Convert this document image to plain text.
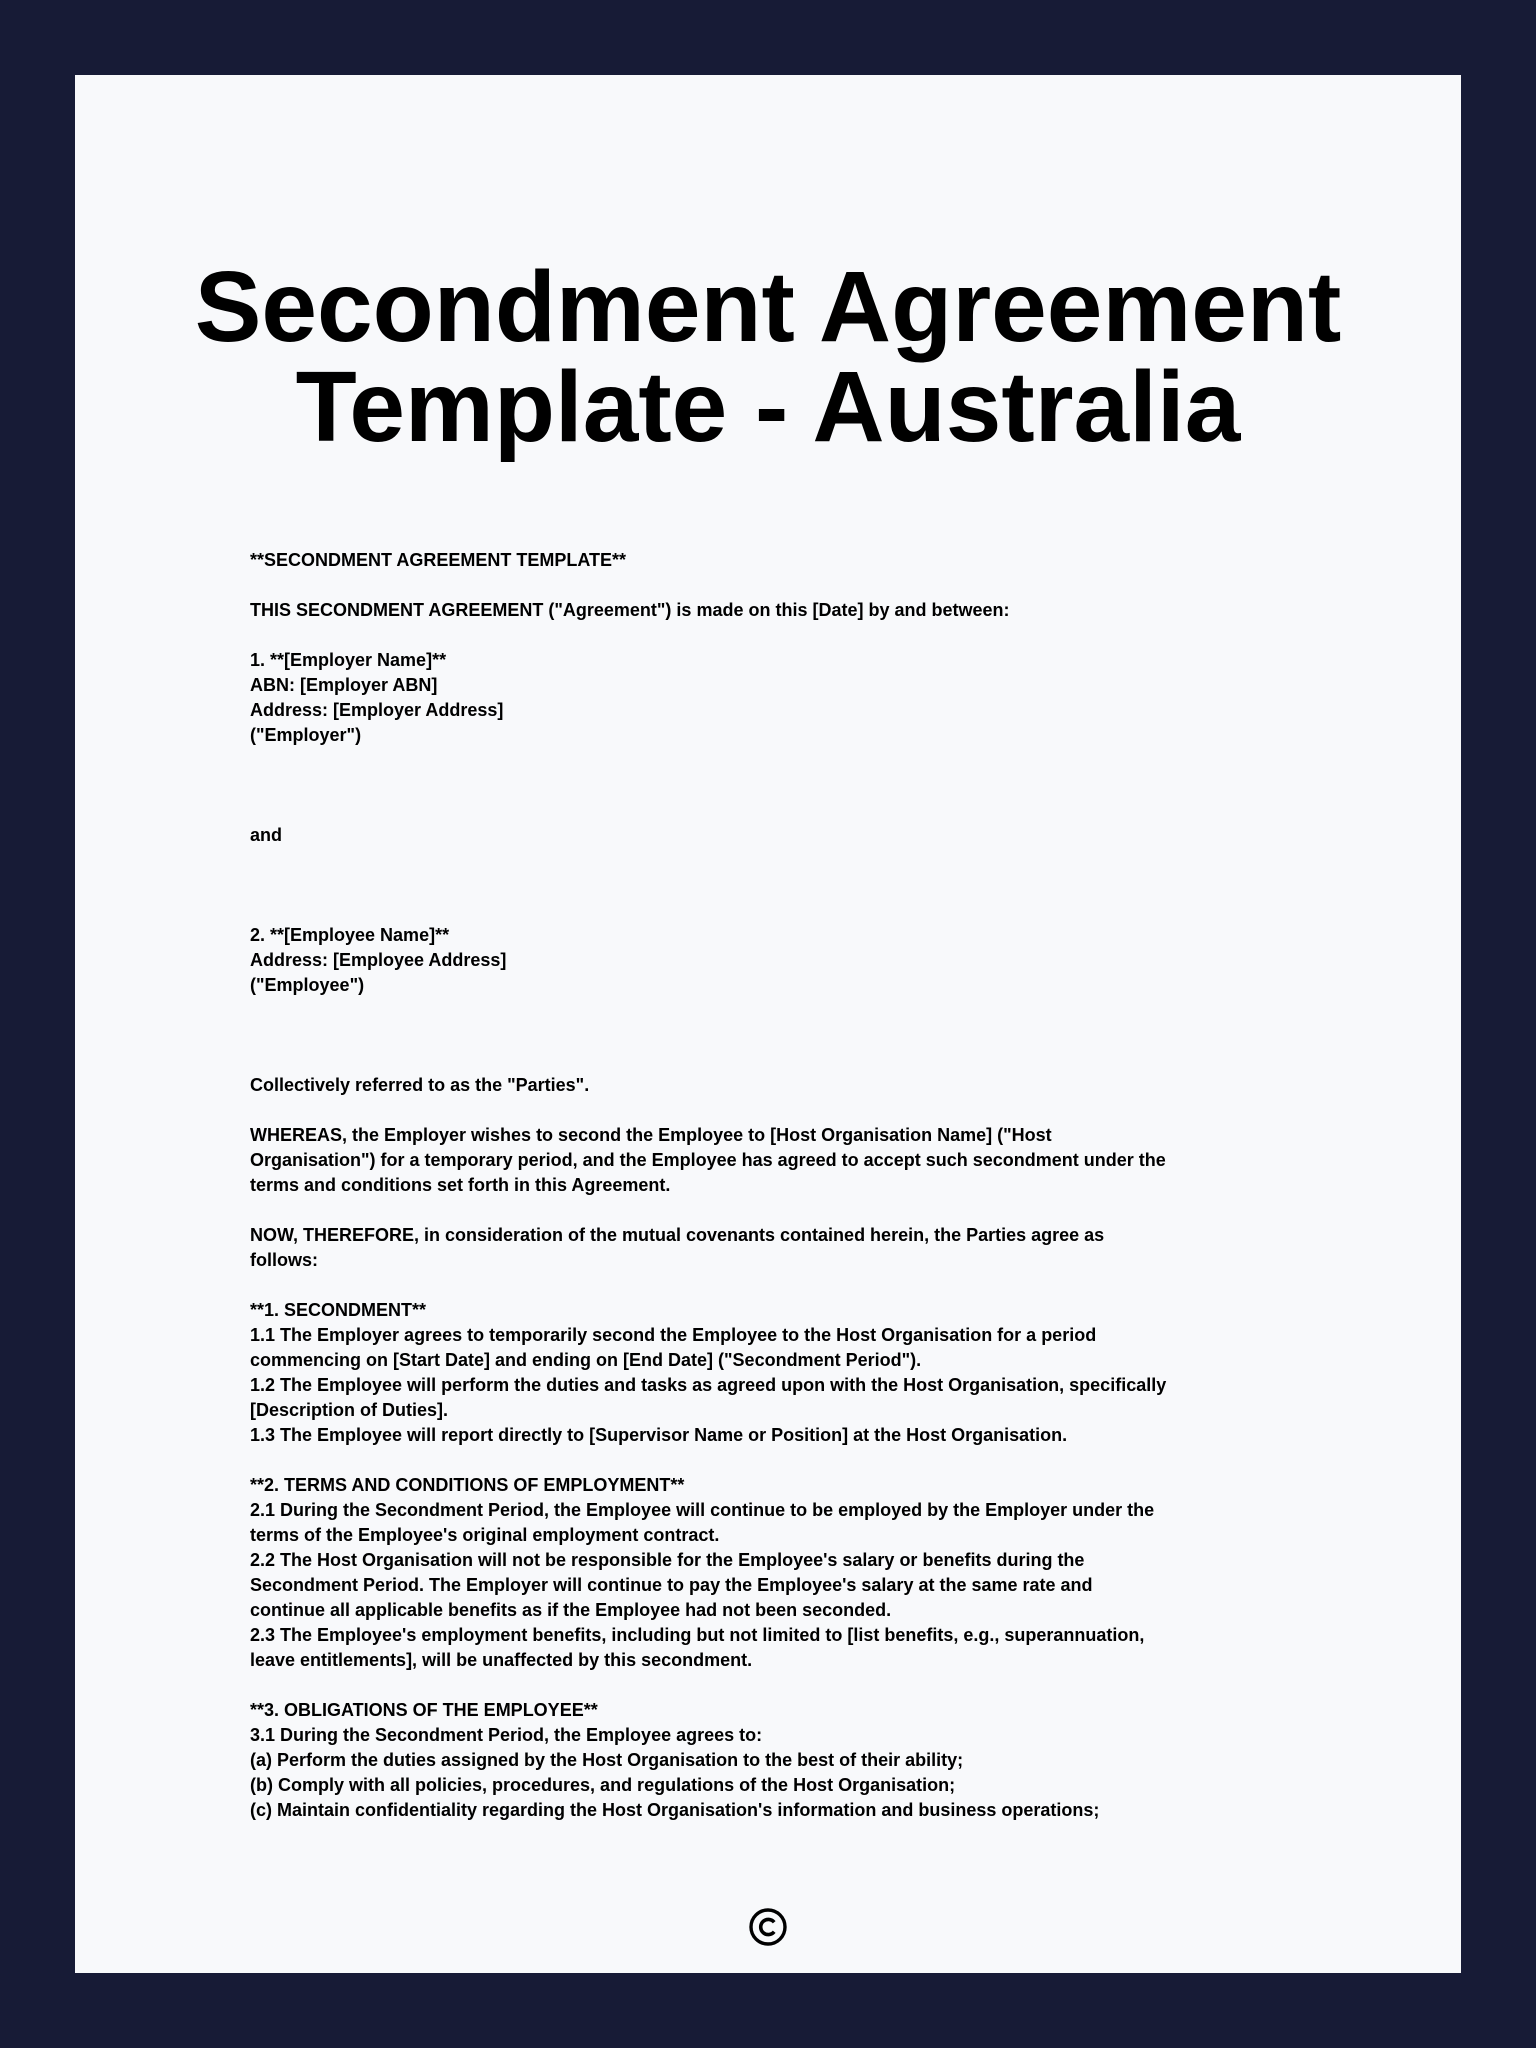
Secondment Agreement
Template - Australia
**SECONDMENT AGREEMENT TEMPLATE**
THIS SECONDMENT AGREEMENT ("Agreement") is made on this [Date] by and between:
1. **[Employer Name]**
ABN: [Employer ABN]
Address: [Employer Address]
("Employer")
and
2. **[Employee Name]**
Address: [Employee Address]
("Employee")
Collectively referred to as the "Parties".
WHEREAS, the Employer wishes to second the Employee to [Host Organisation Name] ("Host
Organisation") for a temporary period, and the Employee has agreed to accept such secondment under the
terms and conditions set forth in this Agreement.
NOW, THEREFORE, in consideration of the mutual covenants contained herein, the Parties agree as
follows:
**1. SECONDMENT**
1.1 The Employer agrees to temporarily second the Employee to the Host Organisation for a period
commencing on [Start Date] and ending on [End Date] ("Secondment Period").
1.2 The Employee will perform the duties and tasks as agreed upon with the Host Organisation, specifically
[Description of Duties].
1.3 The Employee will report directly to [Supervisor Name or Position] at the Host Organisation.
**2. TERMS AND CONDITIONS OF EMPLOYMENT**
2.1 During the Secondment Period, the Employee will continue to be employed by the Employer under the
terms of the Employee's original employment contract.
2.2 The Host Organisation will not be responsible for the Employee's salary or benefits during the
Secondment Period. The Employer will continue to pay the Employee's salary at the same rate and
continue all applicable benefits as if the Employee had not been seconded.
2.3 The Employee's employment benefits, including but not limited to [list benefits, e.g., superannuation,
leave entitlements], will be unaffected by this secondment.
**3. OBLIGATIONS OF THE EMPLOYEE**
3.1 During the Secondment Period, the Employee agrees to:
(a) Perform the duties assigned by the Host Organisation to the best of their ability;
(b) Comply with all policies, procedures, and regulations of the Host Organisation;
(c) Maintain confidentiality regarding the Host Organisation's information and business operations;
